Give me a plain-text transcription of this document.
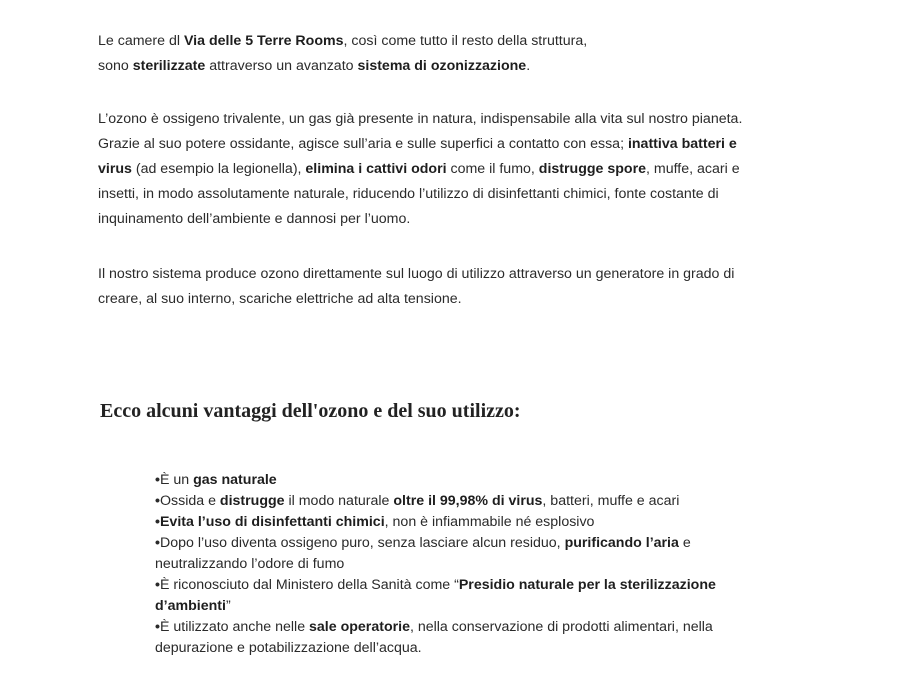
Le camere dl Via delle 5 Terre Rooms, così come tutto il resto della struttura,
sono sterilizzate attraverso un avanzato sistema di ozonizzazione.

L’ozono è ossigeno trivalente, un gas già presente in natura, indispensabile alla vita sul nostro pianeta.
Grazie al suo potere ossidante, agisce sull’aria e sulle superfici a contatto con essa; inattiva batteri e
virus (ad esempio la legionella), elimina i cattivi odori come il fumo, distrugge spore, muffe, acari e
insetti, in modo assolutamente naturale, riducendo l’utilizzo di disinfettanti chimici, fonte costante di
inquinamento dell’ambiente e dannosi per l’uomo.

Il nostro sistema produce ozono direttamente sul luogo di utilizzo attraverso un generatore in grado di
creare, al suo interno, scariche elettriche ad alta tensione.

Ecco alcuni vantaggi dell'ozono e del suo utilizzo:
•È un gas naturale
•Ossida e distrugge il modo naturale oltre il 99,98% di virus, batteri, muffe e acari
•Evita l’uso di disinfettanti chimici, non è infiammabile né esplosivo
•Dopo l’uso diventa ossigeno puro, senza lasciare alcun residuo, purificando l’aria e
neutralizzando l’odore di fumo
•È riconosciuto dal Ministero della Sanità come “Presidio naturale per la sterilizzazione
d’ambienti”
•È utilizzato anche nelle sale operatorie, nella conservazione di prodotti alimentari, nella
depurazione e potabilizzazione dell’acqua.
